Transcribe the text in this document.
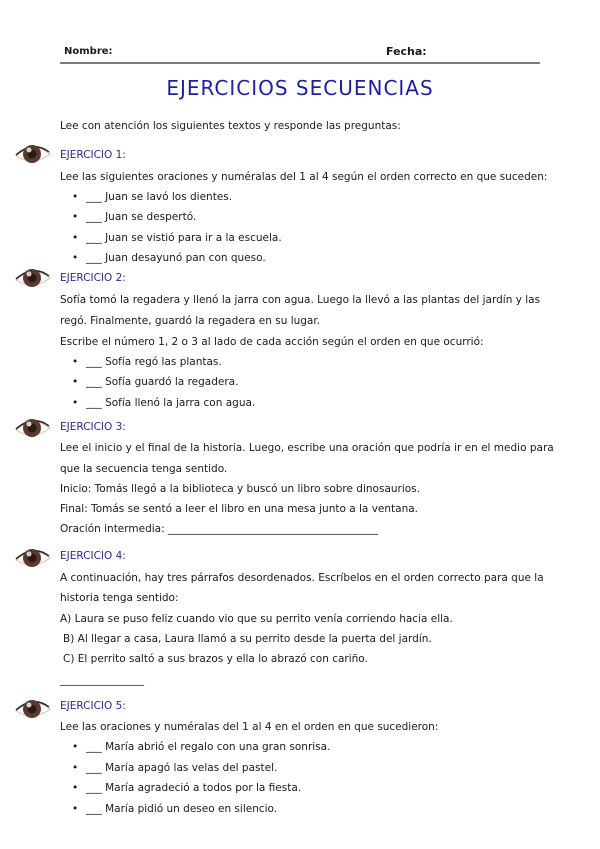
Nombre:	Fecha:
EJERCICIOS SECUENCIAS
Lee con atención los siguientes textos y responde las preguntas:
EJERCICIO 1:
Lee las siguientes oraciones y numéralas del 1 al 4 según el orden correcto en que suceden:
• ___ Juan se lavó los dientes.
• ___ Juan se despertó.
• ___ Juan se vistió para ir a la escuela.
• ___ Juan desayunó pan con queso.
EJERCICIO 2:
Sofía tomó la regadera y llenó la jarra con agua. Luego la llevó a las plantas del jardín y las
regó. Finalmente, guardó la regadera en su lugar.
Escribe el número 1, 2 o 3 al lado de cada acción según el orden en que ocurrió:
• ___ Sofía regó las plantas.
• ___ Sofía guardó la regadera.
• ___ Sofía llenó la jarra con agua.
EJERCICIO 3:
Lee el inicio y el final de la historia. Luego, escribe una oración que podría ir en el medio para
que la secuencia tenga sentido.
Inicio: Tomás llegó a la biblioteca y buscó un libro sobre dinosaurios.
Final: Tomás se sentó a leer el libro en una mesa junto a la ventana.
Oración intermedia: ________________________________________
EJERCICIO 4:
A continuación, hay tres párrafos desordenados. Escríbelos en el orden correcto para que la
historia tenga sentido:
A) Laura se puso feliz cuando vio que su perrito venía corriendo hacia ella.
B) Al llegar a casa, Laura llamó a su perrito desde la puerta del jardín.
C) El perrito saltó a sus brazos y ella lo abrazó con cariño.
________________
EJERCICIO 5:
Lee las oraciones y numéralas del 1 al 4 en el orden en que sucedieron:
• ___ María abrió el regalo con una gran sonrisa.
• ___ María apagó las velas del pastel.
• ___ María agradeció a todos por la fiesta.
• ___ María pidió un deseo en silencio.
